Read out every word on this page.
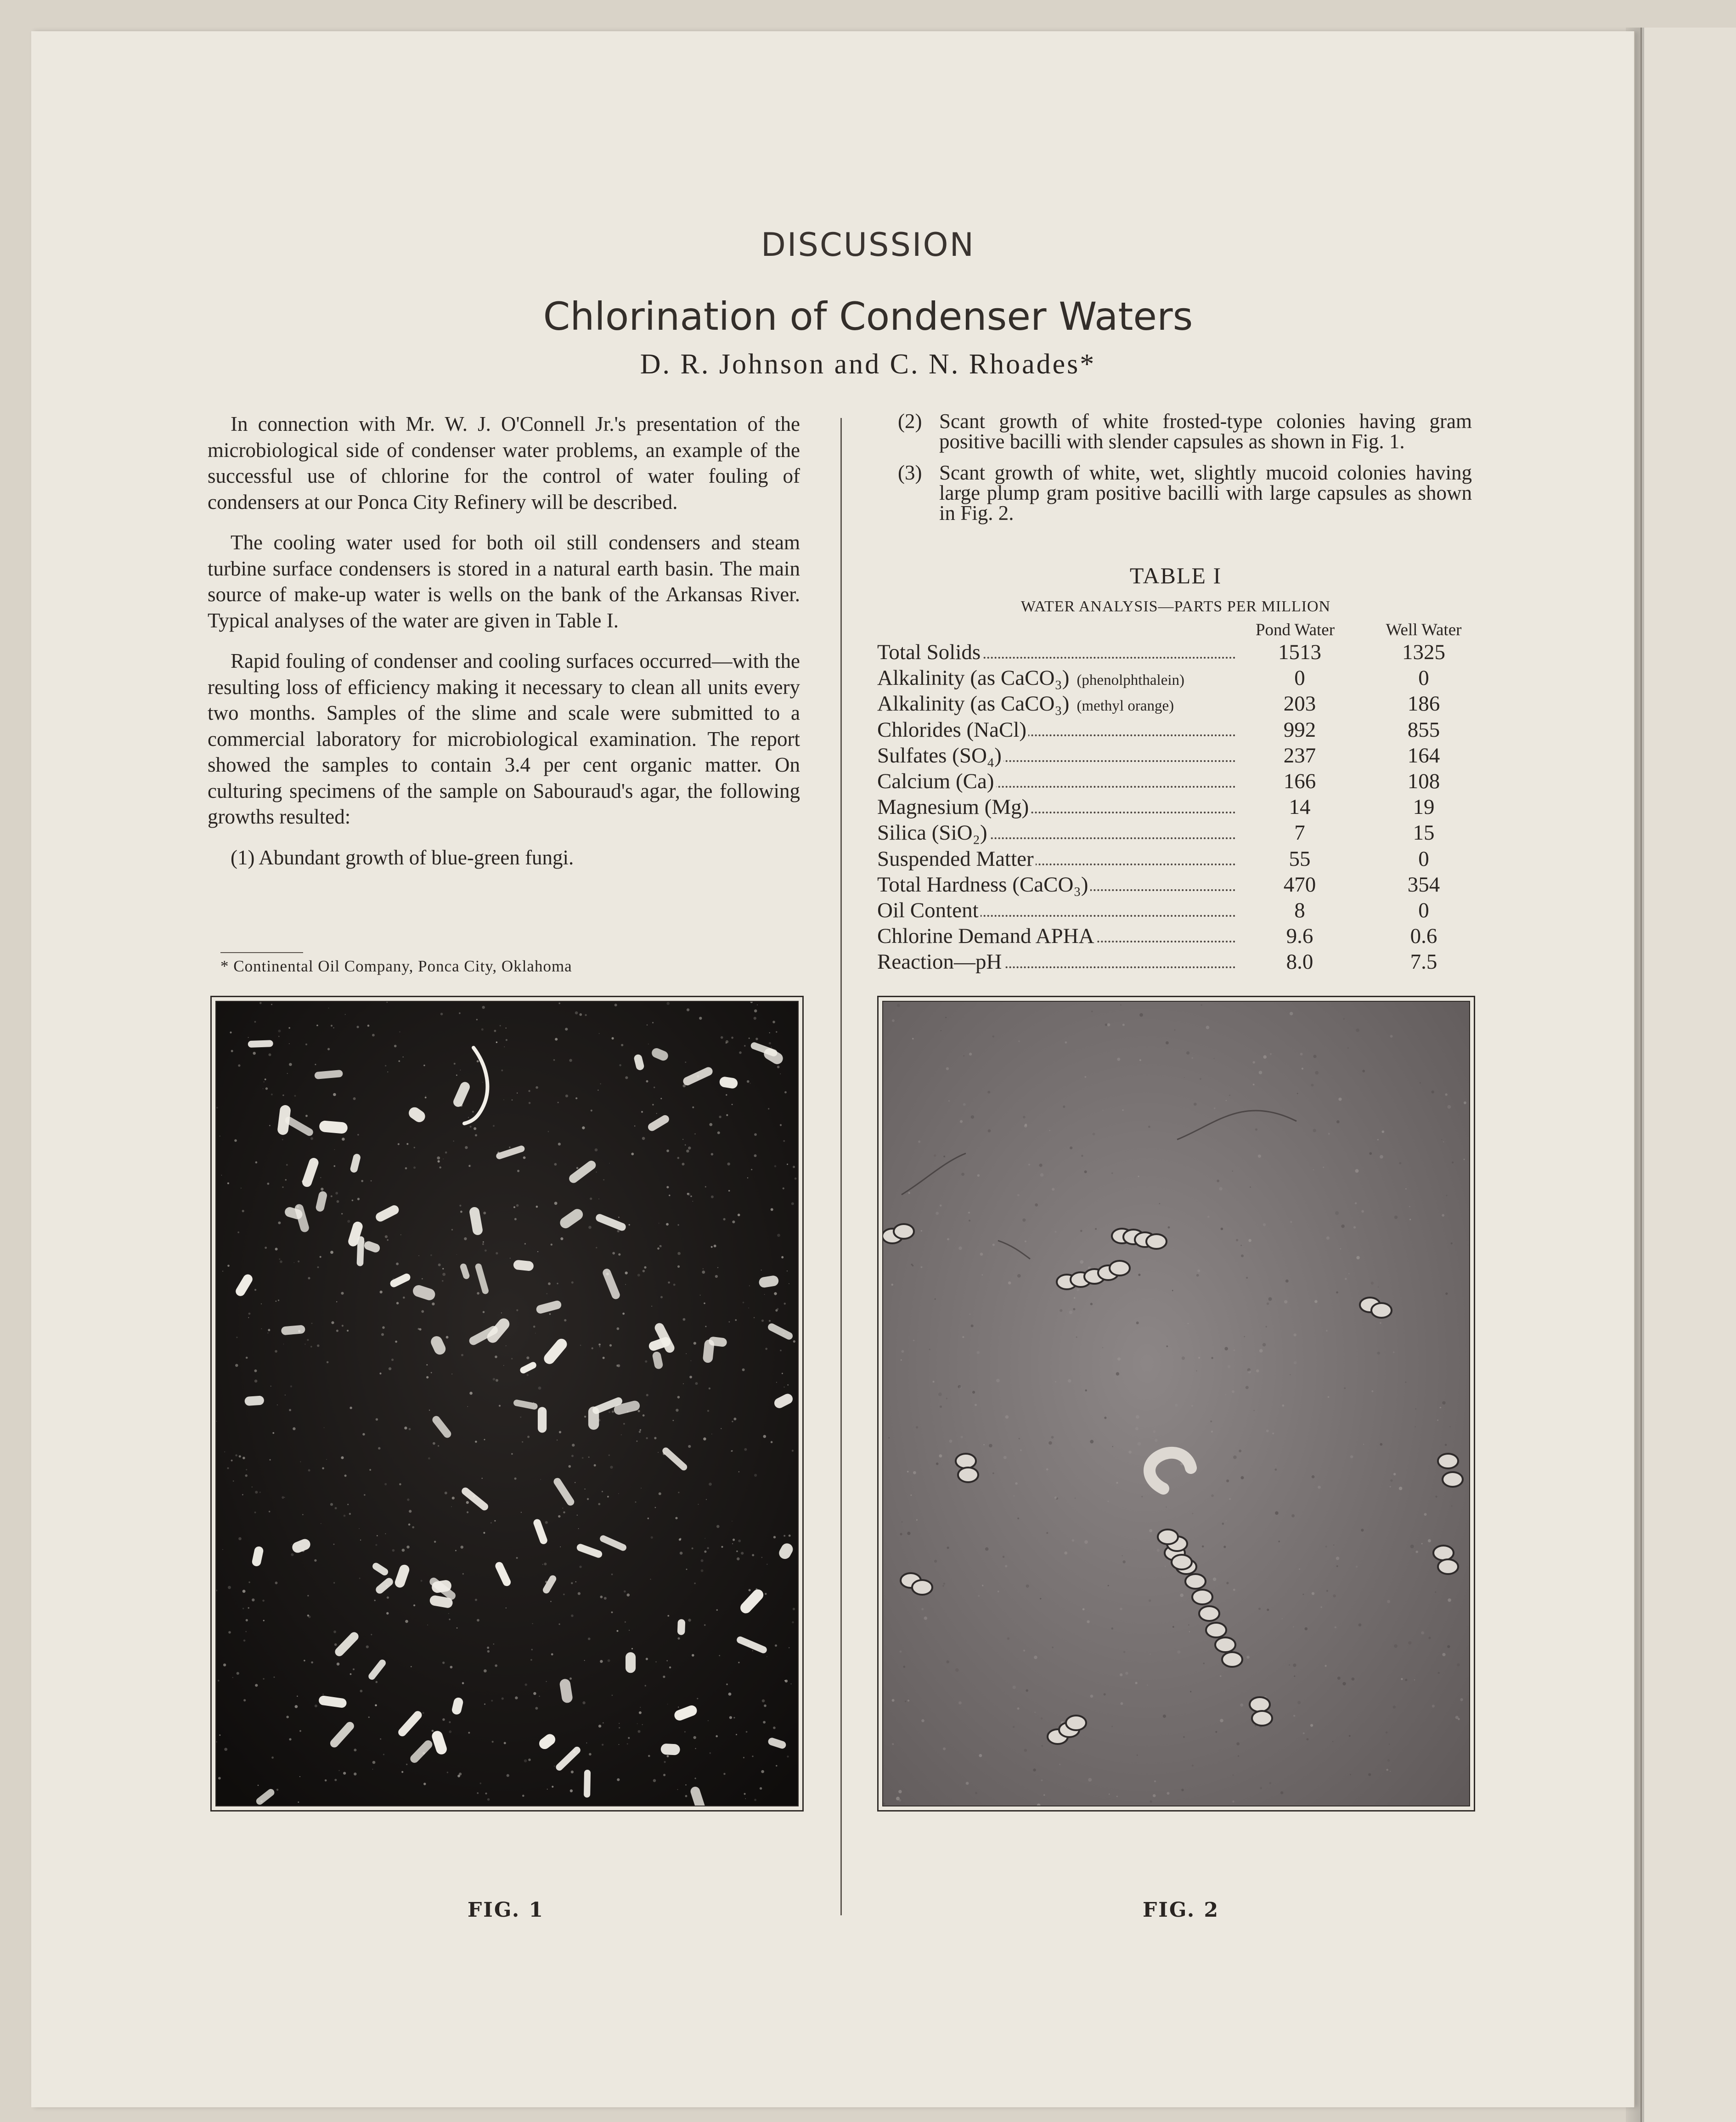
DISCUSSION
Chlorination of Condenser Waters
D. R. Johnson and C. N. Rhoades*

In connection with Mr. W. J. O'Connell Jr.'s presentation of the microbiological side of condenser water problems, an example of the successful use of chlorine for the control of water fouling of condensers at our Ponca City Refinery will be described.

The cooling water used for both oil still condensers and steam turbine surface condensers is stored in a natural earth basin. The main source of make-up water is wells on the bank of the Arkansas River. Typical analyses of the water are given in Table I.

Rapid fouling of condenser and cooling surfaces occurred—with the resulting loss of efficiency making it necessary to clean all units every two months. Samples of the slime and scale were submitted to a commercial laboratory for microbiological examination. The report showed the samples to contain 3.4 per cent organic matter. On culturing specimens of the sample on Sabouraud's agar, the following growths resulted:

(1) Abundant growth of blue-green fungi.

* Continental Oil Company, Ponca City, Oklahoma
(2) Scant growth of white frosted-type colonies having gram positive bacilli with slender capsules as shown in Fig. 1.
(3) Scant growth of white, wet, slightly mucoid colonies having large plump gram positive bacilli with large capsules as shown in Fig. 2.
TABLE I
WATER ANALYSIS—PARTS PER MILLION
Pond Water	Well Water
Total Solids	1513	1325
Alkalinity (as CaCO₃) (phenolphthalein)	0	0
Alkalinity (as CaCO₃) (methyl orange)	203	186
Chlorides (NaCl)	992	855
Sulfates (SO₄)	237	164
Calcium (Ca)	166	108
Magnesium (Mg)	14	19
Silica (SiO₂)	7	15
Suspended Matter	55	0
Total Hardness (CaCO₃)	470	354
Oil Content	8	0
Chlorine Demand APHA	9.6	0.6
Reaction—pH	8.0	7.5
FIG. 1	FIG. 2
